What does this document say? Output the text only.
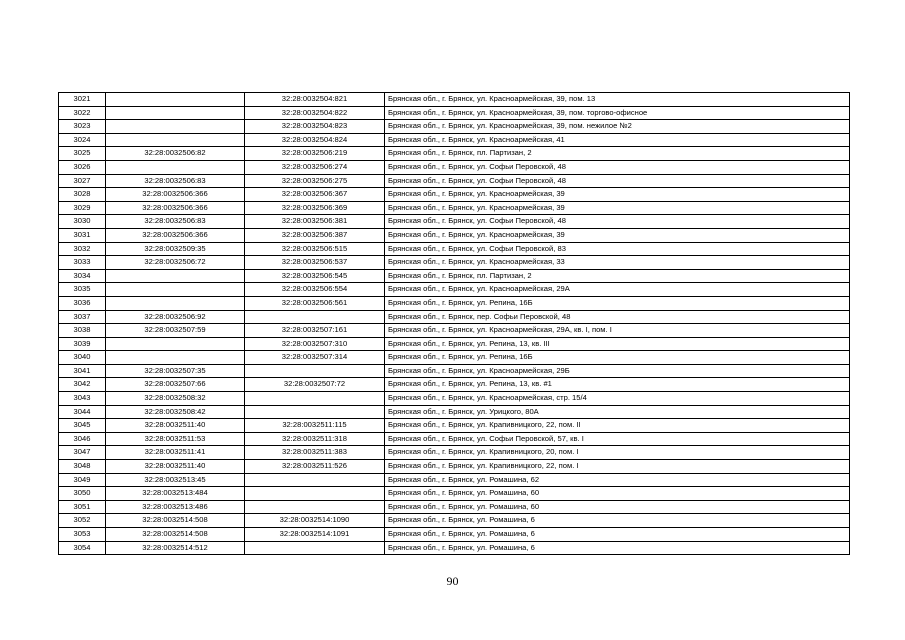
3021		32:28:0032504:821	Брянская обл., г. Брянск, ул. Красноармейская, 39, пом. 13
3022		32:28:0032504:822	Брянская обл., г. Брянск, ул. Красноармейская, 39, пом. торгово-офисное
3023		32:28:0032504:823	Брянская обл., г. Брянск, ул. Красноармейская, 39, пом. нежилое №2
3024		32:28:0032504:824	Брянская обл., г. Брянск, ул. Красноармейская, 41
3025	32:28:0032506:82	32:28:0032506:219	Брянская обл., г. Брянск, пл. Партизан, 2
3026		32:28:0032506:274	Брянская обл., г. Брянск, ул. Софьи Перовской, 48
3027	32:28:0032506:83	32:28:0032506:275	Брянская обл., г. Брянск, ул. Софьи Перовской, 48
3028	32:28:0032506:366	32:28:0032506:367	Брянская обл., г. Брянск, ул. Красноармейская, 39
3029	32:28:0032506:366	32:28:0032506:369	Брянская обл., г. Брянск, ул. Красноармейская, 39
3030	32:28:0032506:83	32:28:0032506:381	Брянская обл., г. Брянск, ул. Софьи Перовской, 48
3031	32:28:0032506:366	32:28:0032506:387	Брянская обл., г. Брянск, ул. Красноармейская, 39
3032	32:28:0032509:35	32:28:0032506:515	Брянская обл., г. Брянск, ул. Софьи Перовской, 83
3033	32:28:0032506:72	32:28:0032506:537	Брянская обл., г. Брянск, ул. Красноармейская, 33
3034		32:28:0032506:545	Брянская обл., г. Брянск, пл. Партизан, 2
3035		32:28:0032506:554	Брянская обл., г. Брянск, ул. Красноармейская, 29А
3036		32:28:0032506:561	Брянская обл., г. Брянск, ул. Репина, 16Б
3037	32:28:0032506:92		Брянская обл., г. Брянск, пер. Софьи Перовской, 48
3038	32:28:0032507:59	32:28:0032507:161	Брянская обл., г. Брянск, ул. Красноармейская, 29А, кв. I, пом. I
3039		32:28:0032507:310	Брянская обл., г. Брянск, ул. Репина, 13, кв. III
3040		32:28:0032507:314	Брянская обл., г. Брянск, ул. Репина, 16Б
3041	32:28:0032507:35		Брянская обл., г. Брянск, ул. Красноармейская, 29Б
3042	32:28:0032507:66	32:28:0032507:72	Брянская обл., г. Брянск, ул. Репина, 13, кв. #1
3043	32:28:0032508:32		Брянская обл., г. Брянск, ул. Красноармейская, стр. 15/4
3044	32:28:0032508:42		Брянская обл., г. Брянск, ул. Урицкого, 80А
3045	32:28:0032511:40	32:28:0032511:115	Брянская обл., г. Брянск, ул. Крапивницкого, 22, пом. II
3046	32:28:0032511:53	32:28:0032511:318	Брянская обл., г. Брянск, ул. Софьи Перовской, 57, кв. I
3047	32:28:0032511:41	32:28:0032511:383	Брянская обл., г. Брянск, ул. Крапивницкого, 20, пом. I
3048	32:28:0032511:40	32:28:0032511:526	Брянская обл., г. Брянск, ул. Крапивницкого, 22, пом. I
3049	32:28:0032513:45		Брянская обл., г. Брянск, ул. Ромашина, 62
3050	32:28:0032513:484		Брянская обл., г. Брянск, ул. Ромашина, 60
3051	32:28:0032513:486		Брянская обл., г. Брянск, ул. Ромашина, 60
3052	32:28:0032514:508	32:28:0032514:1090	Брянская обл., г. Брянск, ул. Ромашина, 6
3053	32:28:0032514:508	32:28:0032514:1091	Брянская обл., г. Брянск, ул. Ромашина, 6
3054	32:28:0032514:512		Брянская обл., г. Брянск, ул. Ромашина, 6
90
